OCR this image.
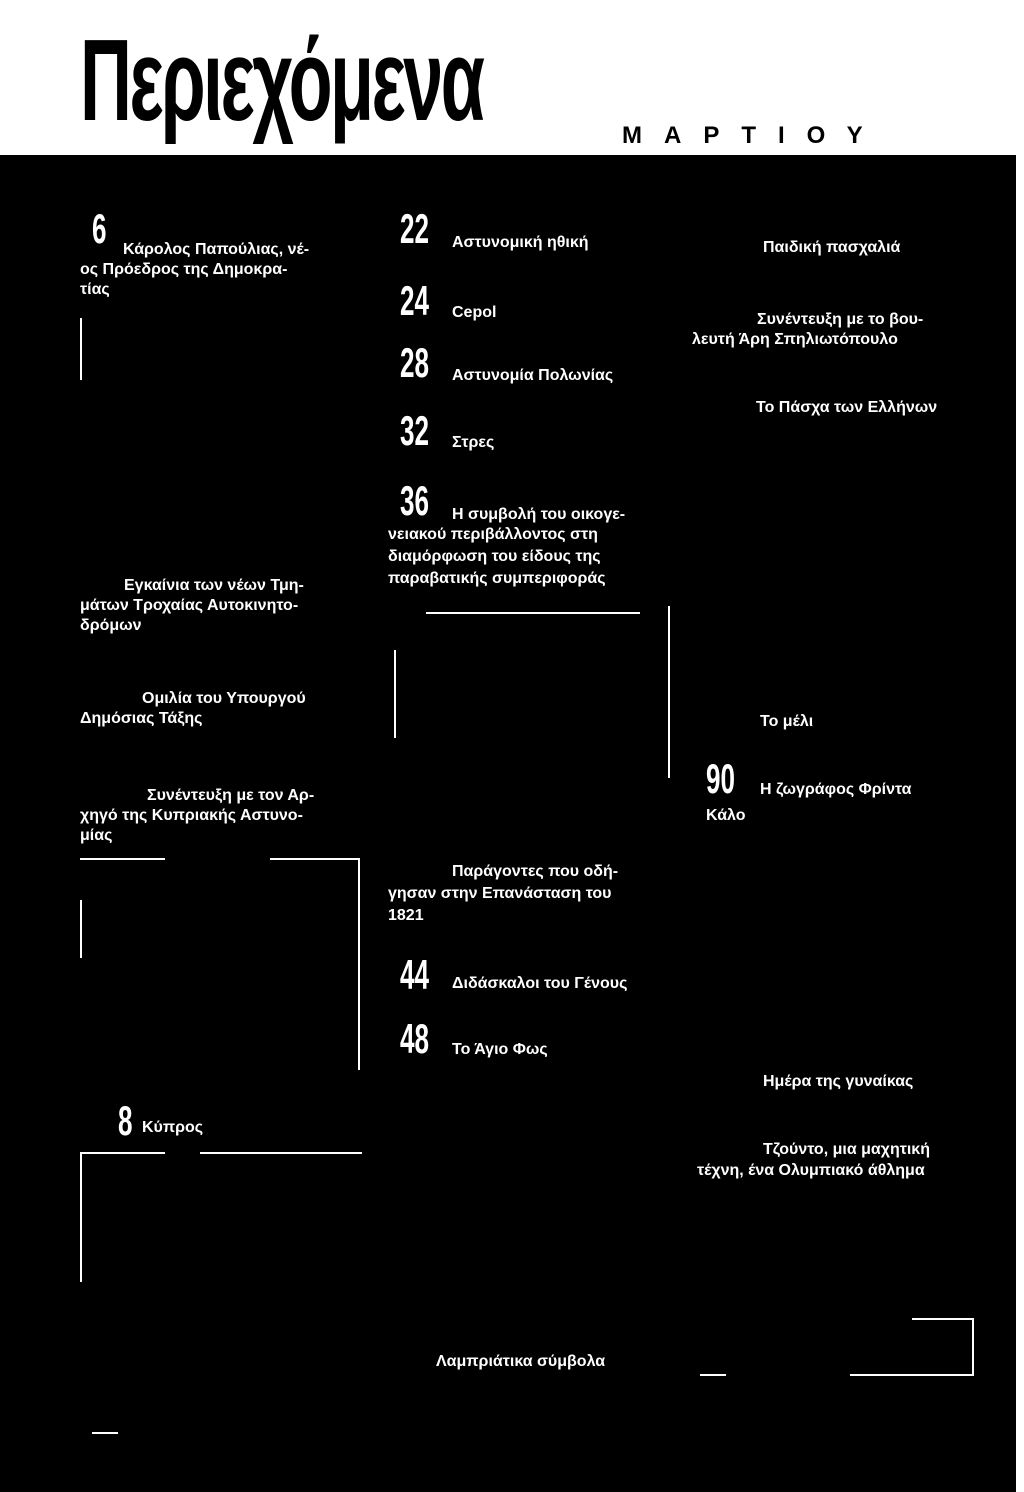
Περιεχόμενα	ΜΑΡΤΙΟΥ
6 Κάρολος Παπούλιας, νέ-
ος Πρόεδρος της Δημοκρα-
τίας
Εγκαίνια των νέων Τμη-
μάτων Τροχαίας Αυτοκινητο-
δρόμων
Ομιλία του Υπουργού
Δημόσιας Τάξης
Συνέντευξη με τον Αρ-
χηγό της Κυπριακής Αστυνο-
μίας
8 Κύπρος
22 Αστυνομική ηθική
24 Cepol
28 Αστυνομία Πολωνίας
32 Στρες
36 Η συμβολή του οικογε-
νειακού περιβάλλοντος στη
διαμόρφωση του είδους της
παραβατικής συμπεριφοράς
Παράγοντες που οδή-
γησαν στην Επανάσταση του
1821
44 Διδάσκαλοι του Γένους
48 Το Άγιο Φως
Λαμπριάτικα σύμβολα
Παιδική πασχαλιά
Συνέντευξη με το βου-
λευτή Άρη Σπηλιωτόπουλο
Το Πάσχα των Ελλήνων
Το μέλι
90 Η ζωγράφος Φρίντα
Κάλο
Ημέρα της γυναίκας
Τζούντο, μια μαχητική
τέχνη, ένα Ολυμπιακό άθλημα
